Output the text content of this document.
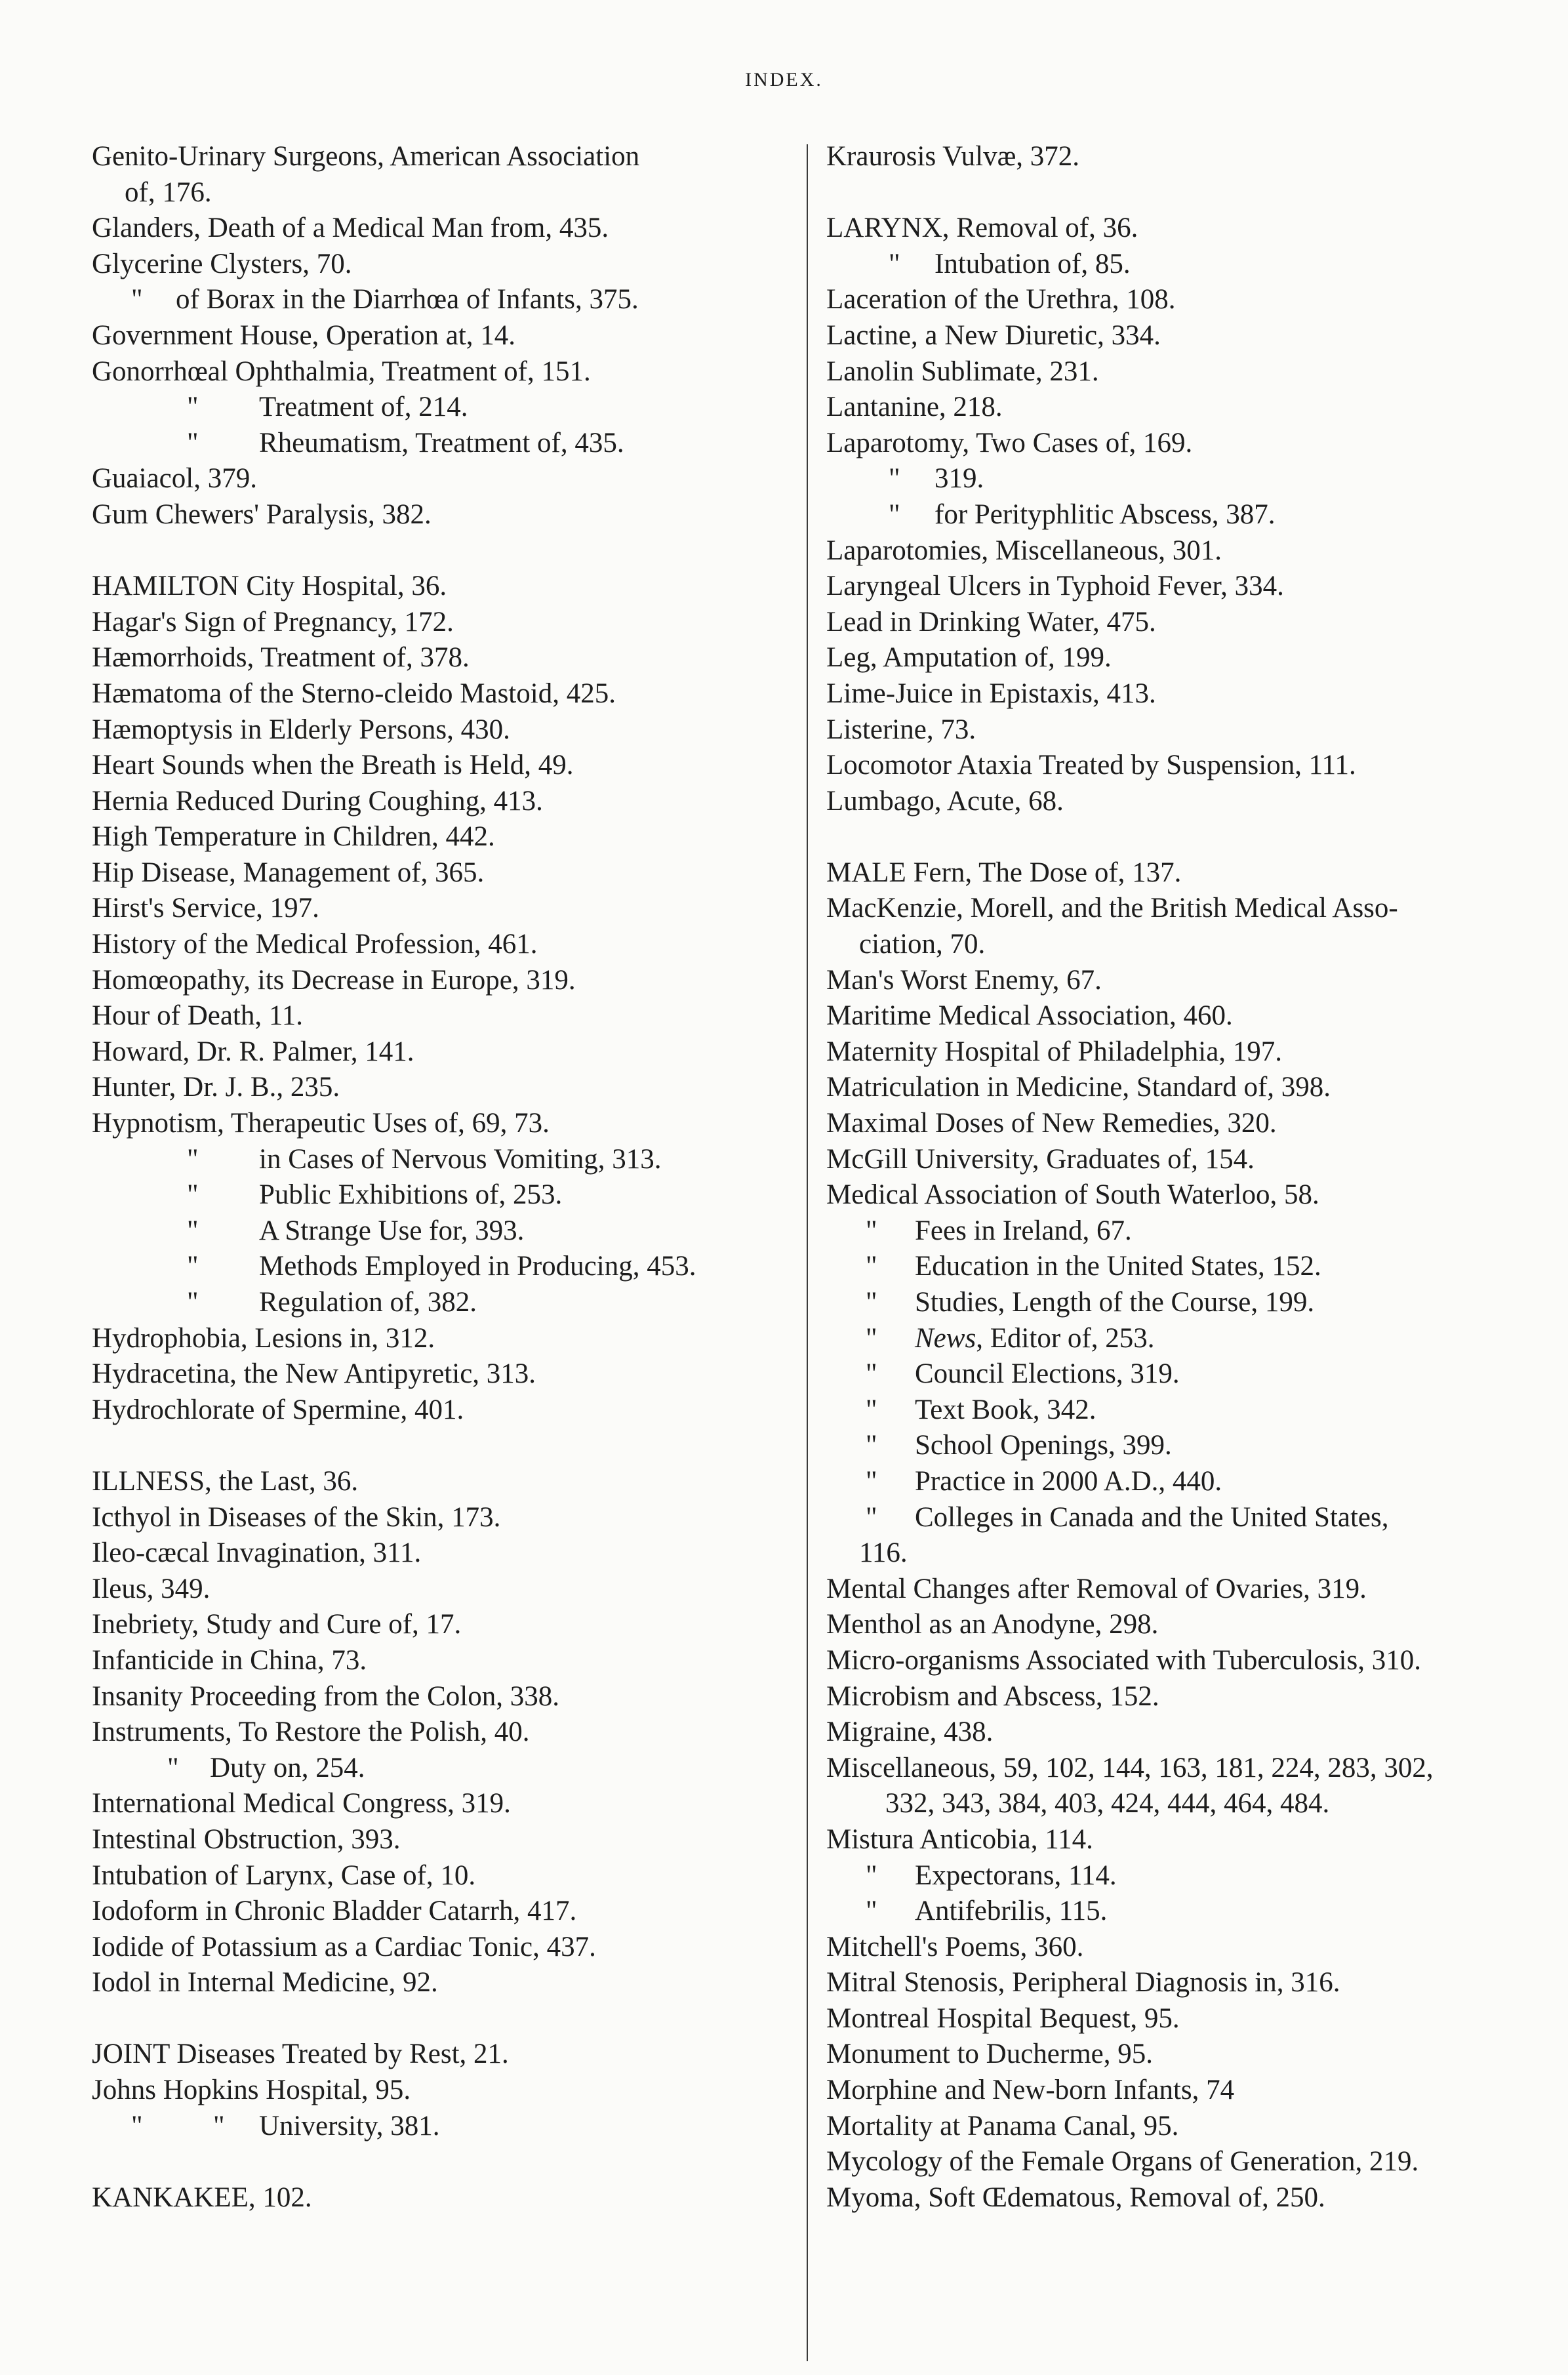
INDEX.
Genito-Urinary Surgeons, American Association
of, 176.
Glanders, Death of a Medical Man from, 435.
Glycerine Clysters, 70.
" of Borax in the Diarrhœa of Infants, 375.
Government House, Operation at, 14.
Gonorrhœal Ophthalmia, Treatment of, 151.
" Treatment of, 214.
" Rheumatism, Treatment of, 435.
Guaiacol, 379.
Gum Chewers' Paralysis, 382.
HAMILTON City Hospital, 36.
Hagar's Sign of Pregnancy, 172.
Hæmorrhoids, Treatment of, 378.
Hæmatoma of the Sterno-cleido Mastoid, 425.
Hæmoptysis in Elderly Persons, 430.
Heart Sounds when the Breath is Held, 49.
Hernia Reduced During Coughing, 413.
High Temperature in Children, 442.
Hip Disease, Management of, 365.
Hirst's Service, 197.
History of the Medical Profession, 461.
Homœopathy, its Decrease in Europe, 319.
Hour of Death, 11.
Howard, Dr. R. Palmer, 141.
Hunter, Dr. J. B., 235.
Hypnotism, Therapeutic Uses of, 69, 73.
" in Cases of Nervous Vomiting, 313.
" Public Exhibitions of, 253.
" A Strange Use for, 393.
" Methods Employed in Producing, 453.
" Regulation of, 382.
Hydrophobia, Lesions in, 312.
Hydracetina, the New Antipyretic, 313.
Hydrochlorate of Spermine, 401.
ILLNESS, the Last, 36.
Icthyol in Diseases of the Skin, 173.
Ileo-cæcal Invagination, 311.
Ileus, 349.
Inebriety, Study and Cure of, 17.
Infanticide in China, 73.
Insanity Proceeding from the Colon, 338.
Instruments, To Restore the Polish, 40.
" Duty on, 254.
International Medical Congress, 319.
Intestinal Obstruction, 393.
Intubation of Larynx, Case of, 10.
Iodoform in Chronic Bladder Catarrh, 417.
Iodide of Potassium as a Cardiac Tonic, 437.
Iodol in Internal Medicine, 92.
JOINT Diseases Treated by Rest, 21.
Johns Hopkins Hospital, 95.
" " University, 381.
KANKAKEE, 102.
Kraurosis Vulvæ, 372.
LARYNX, Removal of, 36.
" Intubation of, 85.
Laceration of the Urethra, 108.
Lactine, a New Diuretic, 334.
Lanolin Sublimate, 231.
Lantanine, 218.
Laparotomy, Two Cases of, 169.
" 319.
" for Perityphlitic Abscess, 387.
Laparotomies, Miscellaneous, 301.
Laryngeal Ulcers in Typhoid Fever, 334.
Lead in Drinking Water, 475.
Leg, Amputation of, 199.
Lime-Juice in Epistaxis, 413.
Listerine, 73.
Locomotor Ataxia Treated by Suspension, 111.
Lumbago, Acute, 68.
MALE Fern, The Dose of, 137.
MacKenzie, Morell, and the British Medical Asso-
ciation, 70.
Man's Worst Enemy, 67.
Maritime Medical Association, 460.
Maternity Hospital of Philadelphia, 197.
Matriculation in Medicine, Standard of, 398.
Maximal Doses of New Remedies, 320.
McGill University, Graduates of, 154.
Medical Association of South Waterloo, 58.
" Fees in Ireland, 67.
" Education in the United States, 152.
" Studies, Length of the Course, 199.
" News, Editor of, 253.
" Council Elections, 319.
" Text Book, 342.
" School Openings, 399.
" Practice in 2000 A.D., 440.
" Colleges in Canada and the United States,
116.
Mental Changes after Removal of Ovaries, 319.
Menthol as an Anodyne, 298.
Micro-organisms Associated with Tuberculosis, 310.
Microbism and Abscess, 152.
Migraine, 438.
Miscellaneous, 59, 102, 144, 163, 181, 224, 283, 302,
332, 343, 384, 403, 424, 444, 464, 484.
Mistura Anticobia, 114.
" Expectorans, 114.
" Antifebrilis, 115.
Mitchell's Poems, 360.
Mitral Stenosis, Peripheral Diagnosis in, 316.
Montreal Hospital Bequest, 95.
Monument to Ducherme, 95.
Morphine and New-born Infants, 74
Mortality at Panama Canal, 95.
Mycology of the Female Organs of Generation, 219.
Myoma, Soft Œdematous, Removal of, 250.
